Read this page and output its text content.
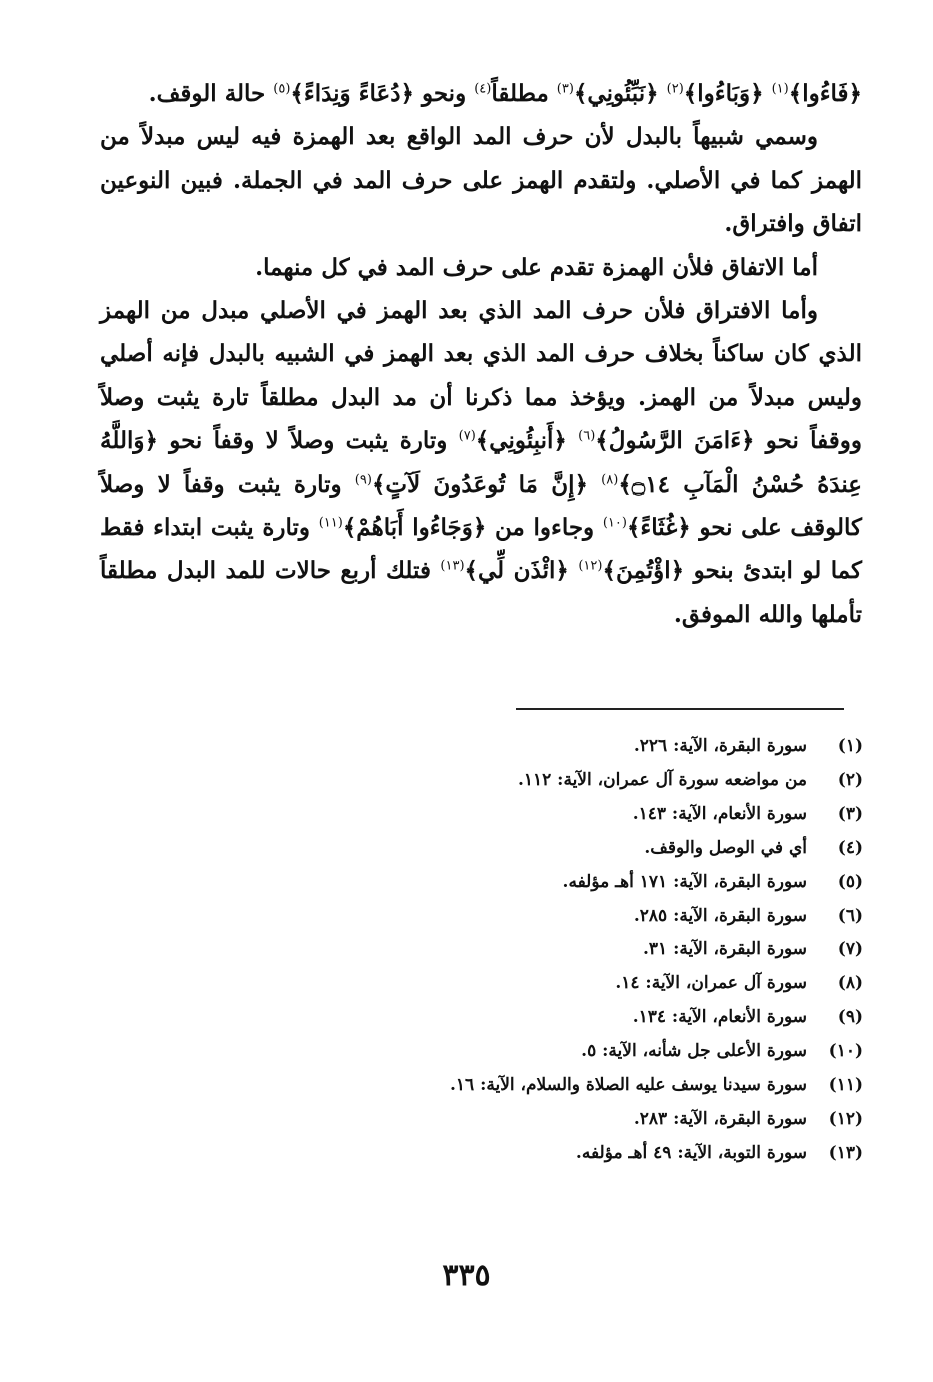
﴿فَاءُوا﴾$^{(١)}$ ﴿وَبَاءُوا﴾$^{(٢)}$ ﴿نَبِّئُونِي﴾$^{(٣)}$ مطلقاً$^{(٤)}$ ونحو ﴿دُعَاءً وَنِدَاءً﴾$^{(٥)}$ حالة الوقف.

وسمي شبيهاً بالبدل لأن حرف المد الواقع بعد الهمزة فيه ليس مبدلاً من الهمز كما في الأصلي. ولتقدم الهمز على حرف المد في الجملة. فبين النوعين اتفاق وافتراق.

أما الاتفاق فلأن الهمزة تقدم على حرف المد في كل منهما.

وأما الافتراق فلأن حرف المد الذي بعد الهمز في الأصلي مبدل من الهمز الذي كان ساكناً بخلاف حرف المد الذي بعد الهمز في الشبيه بالبدل فإنه أصلي وليس مبدلاً من الهمز. ويؤخذ مما ذكرنا أن مد البدل مطلقاً تارة يثبت وصلاً ووقفاً نحو ﴿ءَامَنَ الرَّسُولُ﴾$^{(٦)}$ ﴿أَنبِئُونِي﴾$^{(٧)}$ وتارة يثبت وصلاً لا وقفاً نحو ﴿وَاللَّهُ عِندَهُ حُسْنُ الْمَآبِ ۝١٤﴾$^{(٨)}$ ﴿إِنَّ مَا تُوعَدُونَ لَآتٍ﴾$^{(٩)}$ وتارة يثبت وقفاً لا وصلاً كالوقف على نحو ﴿غُثَاءً﴾$^{(١٠)}$ وجاءوا من ﴿وَجَاءُوا أَبَاهُمْ﴾$^{(١١)}$ وتارة يثبت ابتداء فقط كما لو ابتدئ بنحو ﴿اؤْتُمِنَ﴾$^{(١٢)}$ ﴿ائْذَن لِّي﴾$^{(١٣)}$ فتلك أربع حالات للمد البدل مطلقاً تأملها والله الموفق.

(١)
سورة البقرة، الآية: ٢٢٦.
(٢)
من مواضعه سورة آل عمران، الآية: ١١٢.
(٣)
سورة الأنعام، الآية: ١٤٣.
(٤)
أي في الوصل والوقف.
(٥)
سورة البقرة، الآية: ١٧١ أهـ مؤلفه.
(٦)
سورة البقرة، الآية: ٢٨٥.
(٧)
سورة البقرة، الآية: ٣١.
(٨)
سورة آل عمران، الآية: ١٤.
(٩)
سورة الأنعام، الآية: ١٣٤.
(١٠)
سورة الأعلى جل شأنه، الآية: ٥.
(١١)
سورة سيدنا يوسف عليه الصلاة والسلام، الآية: ١٦.
(١٢)
سورة البقرة، الآية: ٢٨٣.
(١٣)
سورة التوبة، الآية: ٤٩ أهـ مؤلفه.
٣٣٥
